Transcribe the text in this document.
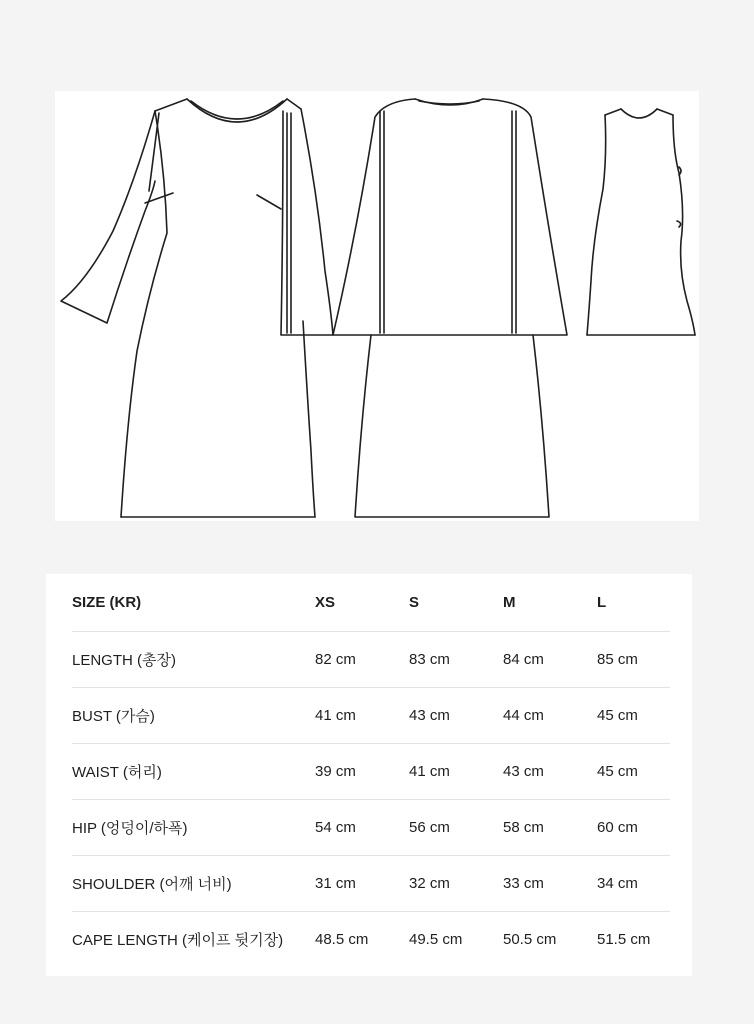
SIZE (KR)	XS	S	M	L
LENGTH (총장)	82 cm	83 cm	84 cm	85 cm
BUST (가슴)	41 cm	43 cm	44 cm	45 cm
WAIST (허리)	39 cm	41 cm	43 cm	45 cm
HIP (엉덩이/하폭)	54 cm	56 cm	58 cm	60 cm
SHOULDER (어깨 너비)	31 cm	32 cm	33 cm	34 cm
CAPE LENGTH (케이프 뒷기장) 48.5 cm	49.5 cm	50.5 cm	51.5 cm
